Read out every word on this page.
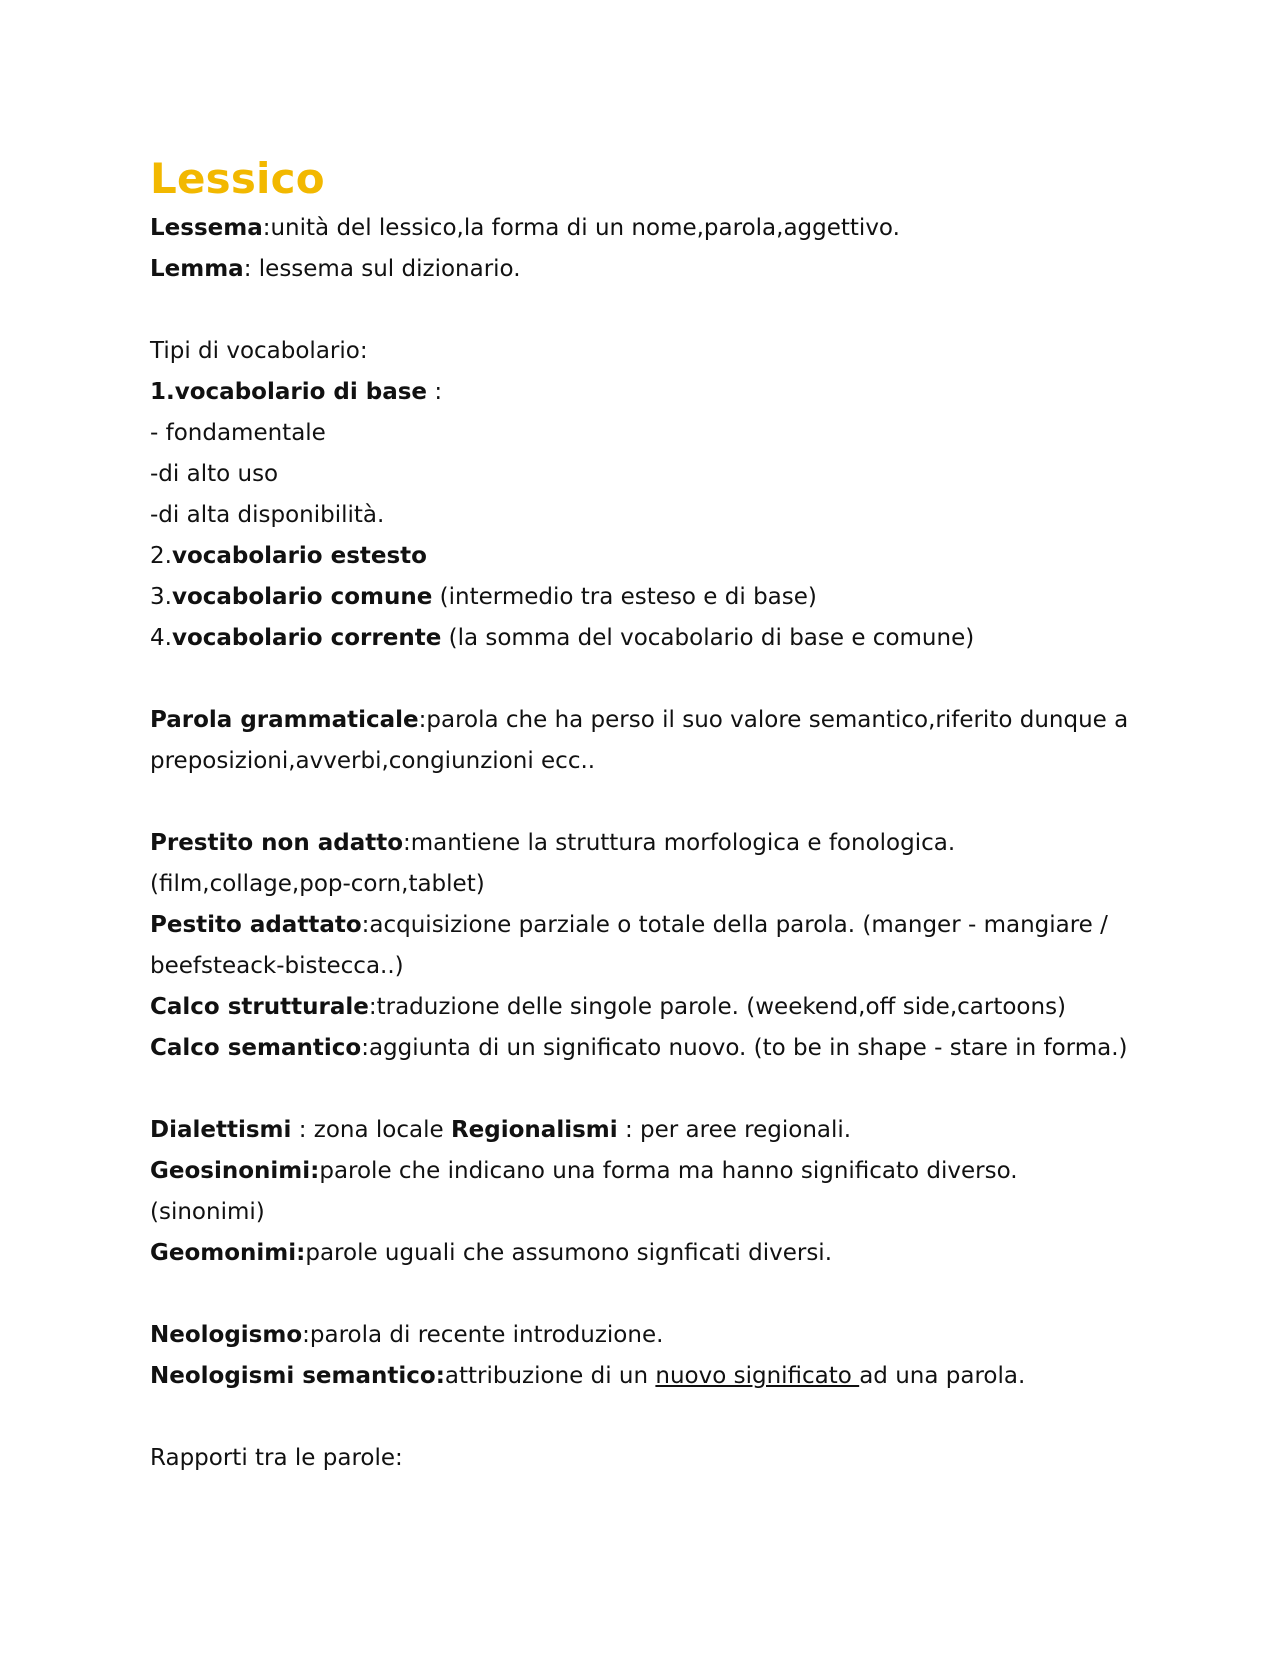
Lessico

Lessema:unità del lessico,la forma di un nome,parola,aggettivo.

Lemma: lessema sul dizionario.

Tipi di vocabolario:

1.vocabolario di base :

- fondamentale

-di alto uso

-di alta disponibilità.

2.vocabolario estesto

3.vocabolario comune (intermedio tra esteso e di base)

4.vocabolario corrente (la somma del vocabolario di base e comune)

Parola grammaticale:parola che ha perso il suo valore semantico,riferito dunque a

preposizioni,avverbi,congiunzioni ecc..

Prestito non adatto:mantiene la struttura morfologica e fonologica.

(film,collage,pop-corn,tablet)

Pestito adattato:acquisizione parziale o totale della parola. (manger - mangiare /

beefsteack-bistecca..)

Calco strutturale:traduzione delle singole parole. (weekend,off side,cartoons)

Calco semantico:aggiunta di un significato nuovo. (to be in shape - stare in forma.)

Dialettismi : zona locale Regionalismi : per aree regionali.

Geosinonimi:parole che indicano una forma ma hanno significato diverso.

(sinonimi)

Geomonimi:parole uguali che assumono signficati diversi.

Neologismo:parola di recente introduzione.

Neologismi semantico:attribuzione di un nuovo significato ad una parola.

Rapporti tra le parole:
